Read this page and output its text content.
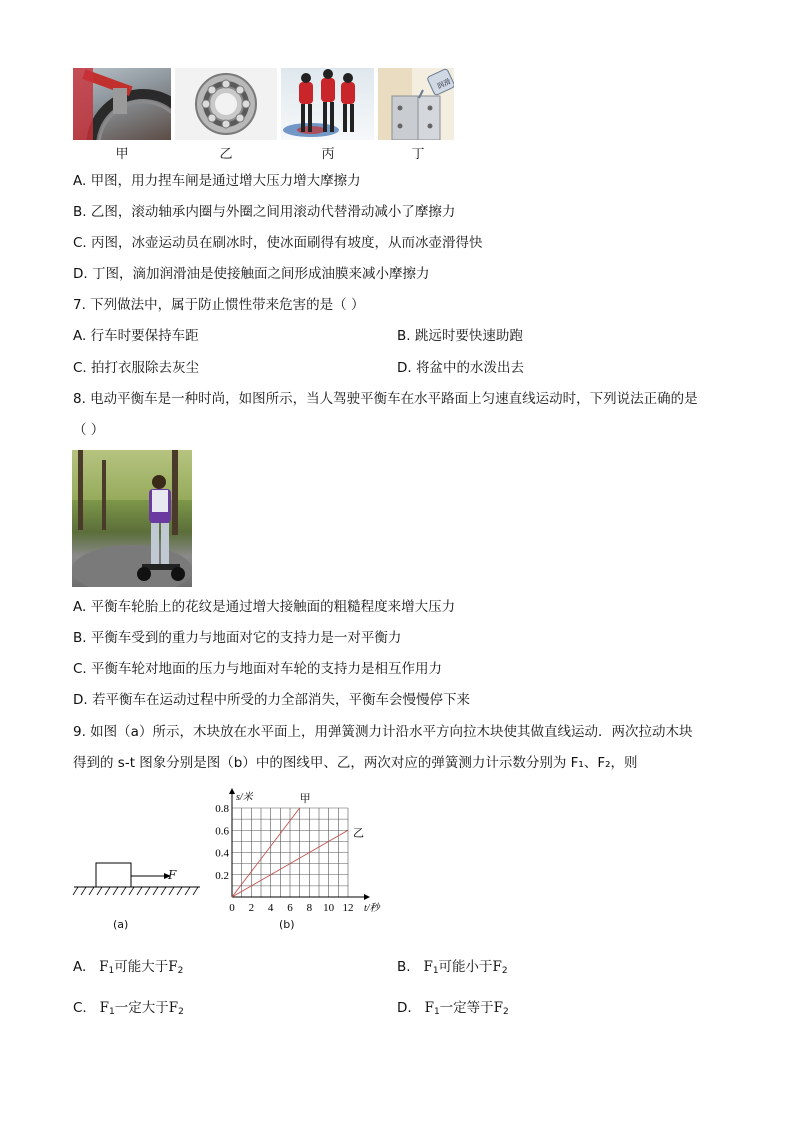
润滑
甲	乙	丙	丁
A. 甲图，用力捏车闸是通过增大压力增大摩擦力
B. 乙图，滚动轴承内圈与外圈之间用滚动代替滑动减小了摩擦力
C. 丙图，冰壶运动员在刷冰时，使冰面刷得有坡度，从而冰壶滑得快
D. 丁图，滴加润滑油是使接触面之间形成油膜来减小摩擦力
7. 下列做法中，属于防止惯性带来危害的是（ ）
A. 行车时要保持车距	B. 跳远时要快速助跑
C. 拍打衣服除去灰尘	D. 将盆中的水泼出去
8. 电动平衡车是一种时尚，如图所示，当人驾驶平衡车在水平路面上匀速直线运动时，下列说法正确的是
（ ）
A. 平衡车轮胎上的花纹是通过增大接触面的粗糙程度来增大压力
B. 平衡车受到的重力与地面对它的支持力是一对平衡力
C. 平衡车轮对地面的压力与地面对车轮的支持力是相互作用力
D. 若平衡车在运动过程中所受的力全部消失，平衡车会慢慢停下来
9. 如图（a）所示，木块放在水平面上，用弹簧测力计沿水平方向拉木块使其做直线运动．两次拉动木块
得到的 s-t 图象分别是图（b）中的图线甲、乙，两次对应的弹簧测力计示数分别为 F₁、F₂，则
F
(a)
0 2 4 6 8 10 12
0.2
0.4
0.6
0.8
s/米
t/秒
甲
乙
(b)
A. $F_1$可能大于$F_2$	B. $F_1$可能小于$F_2$
C. $F_1$一定大于$F_2$	D. $F_1$一定等于$F_2$
